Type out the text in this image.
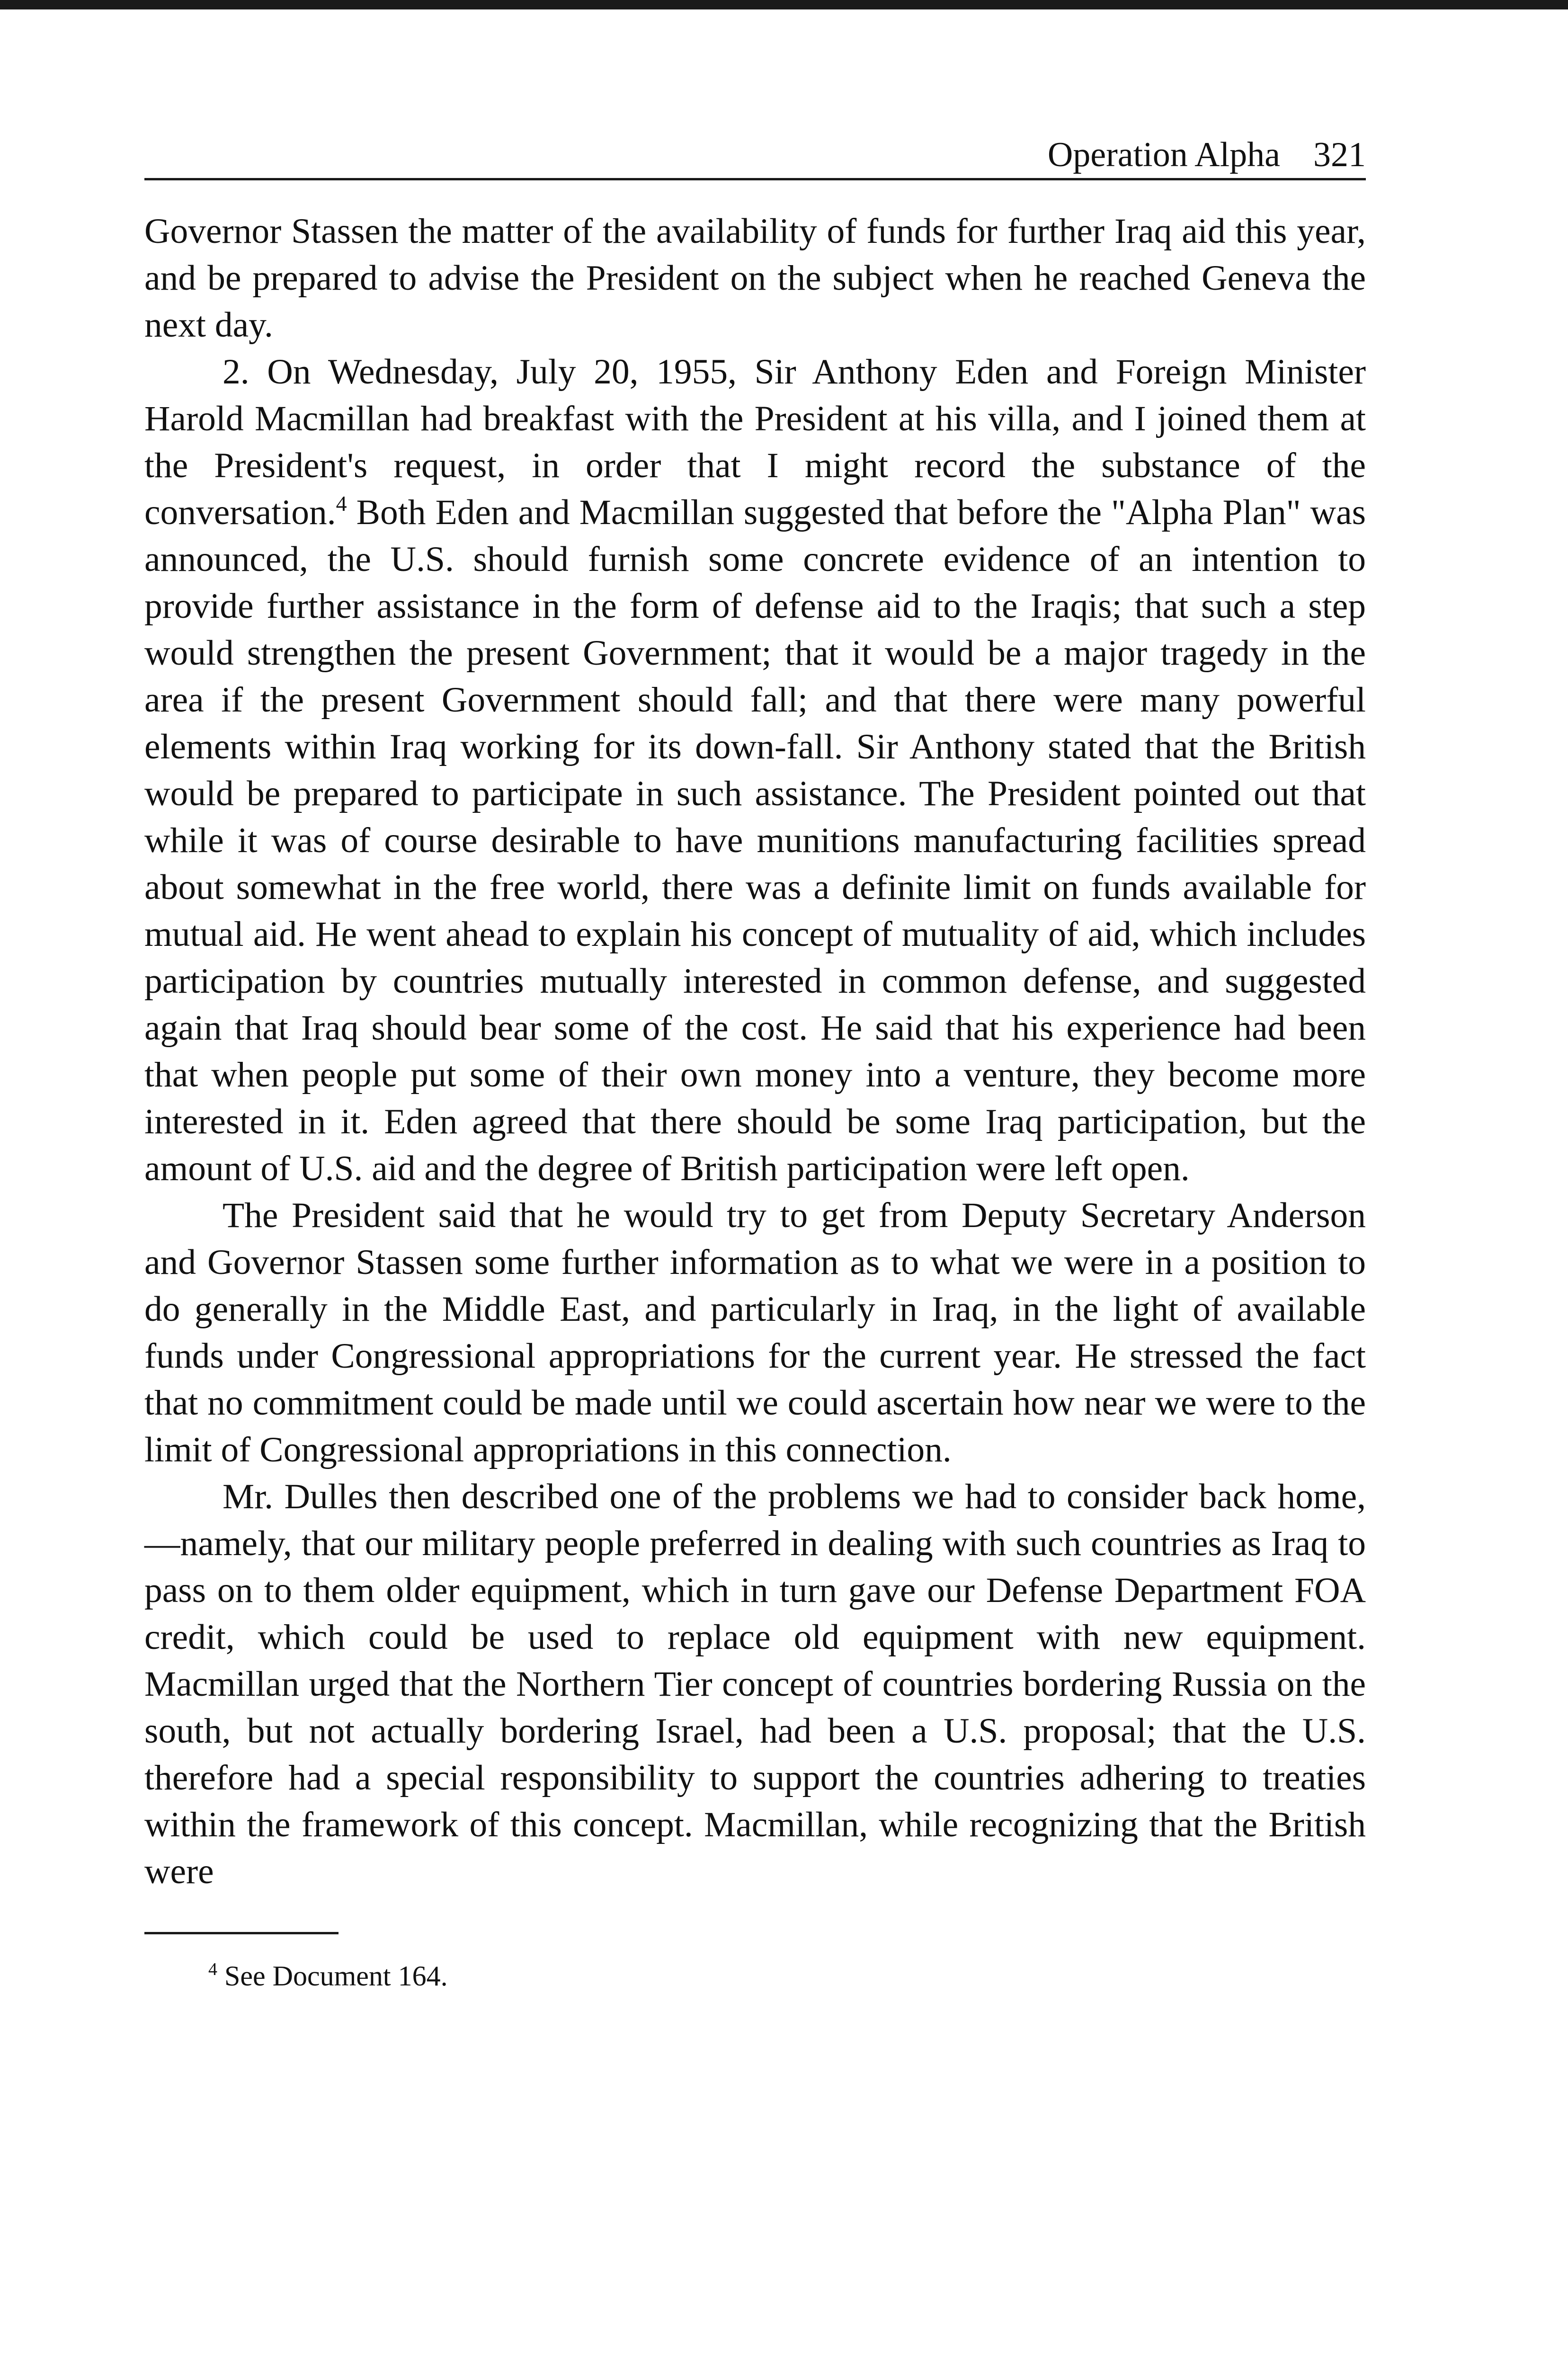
Operation Alpha 321

Governor Stassen the matter of the availability of funds for further Iraq aid this year, and be prepared to advise the President on the subject when he reached Geneva the next day.

2. On Wednesday, July 20, 1955, Sir Anthony Eden and Foreign Minister Harold Macmillan had breakfast with the President at his villa, and I joined them at the President's request, in order that I might record the substance of the conversation.$^4$ Both Eden and Macmillan suggested that before the "Alpha Plan" was announced, the U.S. should furnish some concrete evidence of an intention to provide further assistance in the form of defense aid to the Iraqis; that such a step would strengthen the present Government; that it would be a major tragedy in the area if the present Government should fall; and that there were many powerful elements within Iraq working for its down-fall. Sir Anthony stated that the British would be prepared to participate in such assistance. The President pointed out that while it was of course desirable to have munitions manufacturing facilities spread about somewhat in the free world, there was a definite limit on funds available for mutual aid. He went ahead to explain his concept of mutuality of aid, which includes participation by countries mutually interested in common defense, and suggested again that Iraq should bear some of the cost. He said that his experience had been that when people put some of their own money into a venture, they become more interested in it. Eden agreed that there should be some Iraq participation, but the amount of U.S. aid and the degree of British participation were left open.

The President said that he would try to get from Deputy Secretary Anderson and Governor Stassen some further information as to what we were in a position to do generally in the Middle East, and particularly in Iraq, in the light of available funds under Congressional appropriations for the current year. He stressed the fact that no commitment could be made until we could ascertain how near we were to the limit of Congressional appropriations in this connection.

Mr. Dulles then described one of the problems we had to consider back home,—namely, that our military people preferred in dealing with such countries as Iraq to pass on to them older equipment, which in turn gave our Defense Department FOA credit, which could be used to replace old equipment with new equipment. Macmillan urged that the Northern Tier concept of countries bordering Russia on the south, but not actually bordering Israel, had been a U.S. proposal; that the U.S. therefore had a special responsibility to support the countries adhering to treaties within the framework of this concept. Macmillan, while recognizing that the British were

$^4$ See Document 164.
